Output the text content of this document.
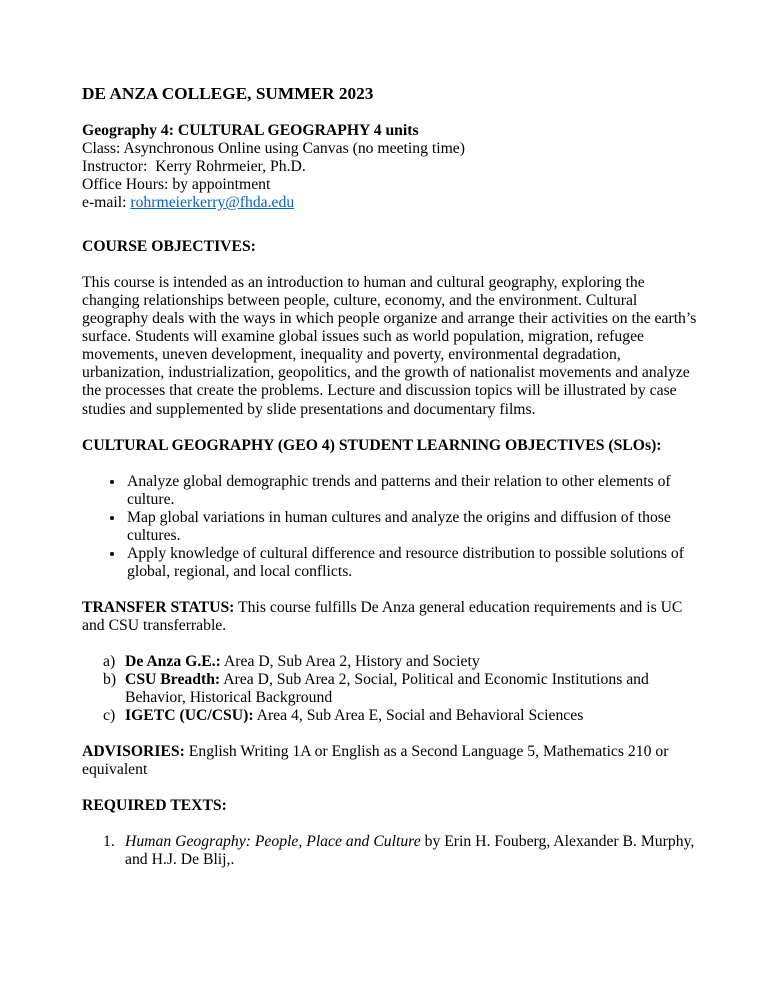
DE ANZA COLLEGE, SUMMER 2023

Geography 4: CULTURAL GEOGRAPHY 4 units

Class: Asynchronous Online using Canvas (no meeting time)

Instructor:  Kerry Rohrmeier, Ph.D.

Office Hours: by appointment

e-mail: rohrmeierkerry@fhda.edu

COURSE OBJECTIVES:

This course is intended as an introduction to human and cultural geography, exploring the changing relationships between people, culture, economy, and the environment. Cultural geography deals with the ways in which people organize and arrange their activities on the earth’s surface. Students will examine global issues such as world population, migration, refugee movements, uneven development, inequality and poverty, environmental degradation, urbanization, industrialization, geopolitics, and the growth of nationalist movements and analyze the processes that create the problems. Lecture and discussion topics will be illustrated by case studies and supplemented by slide presentations and documentary films.

CULTURAL GEOGRAPHY (GEO 4) STUDENT LEARNING OBJECTIVES (SLOs):

• Analyze global demographic trends and patterns and their relation to other elements of culture.
• Map global variations in human cultures and analyze the origins and diffusion of those cultures.
• Apply knowledge of cultural difference and resource distribution to possible solutions of global, regional, and local conflicts.

TRANSFER STATUS: This course fulfills De Anza general education requirements and is UC and CSU transferrable.

a) De Anza G.E.: Area D, Sub Area 2, History and Society

b) CSU Breadth: Area D, Sub Area 2, Social, Political and Economic Institutions and Behavior, Historical Background

c) IGETC (UC/CSU): Area 4, Sub Area E, Social and Behavioral Sciences

ADVISORIES: English Writing 1A or English as a Second Language 5, Mathematics 210 or equivalent

REQUIRED TEXTS:

1. Human Geography: People, Place and Culture by Erin H. Fouberg, Alexander B. Murphy, and H.J. De Blij,.
